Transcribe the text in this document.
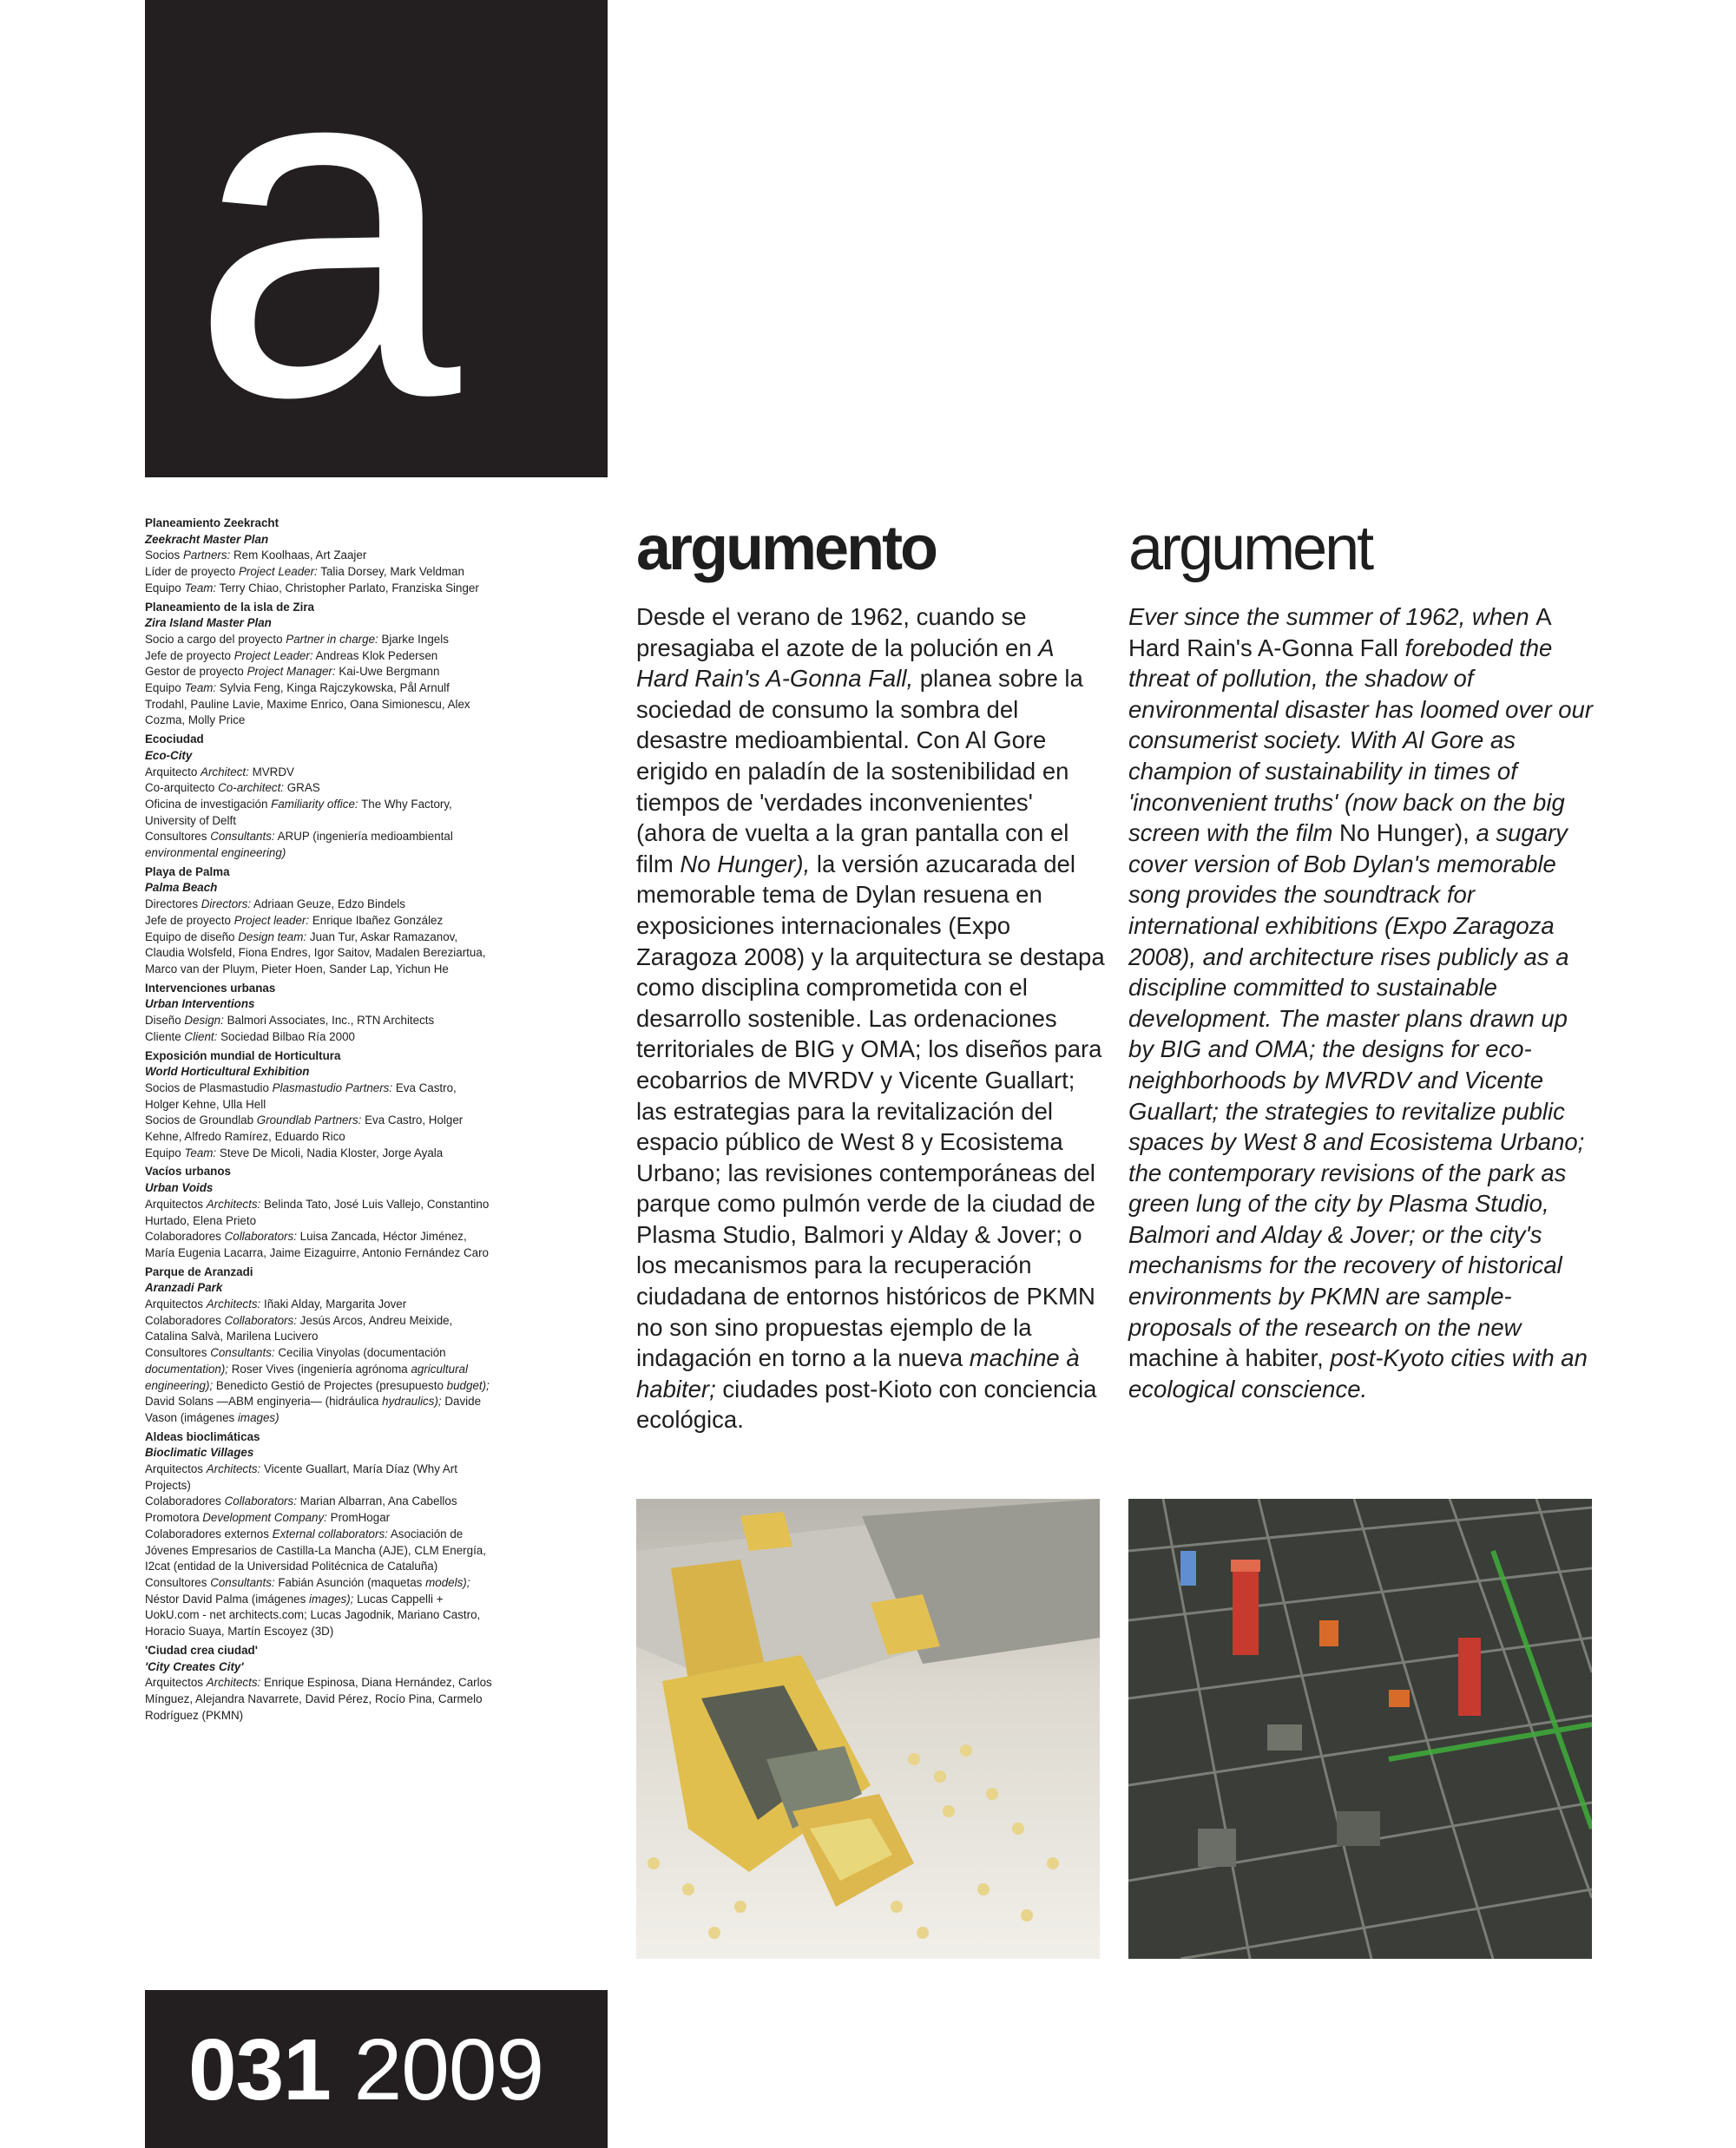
a
Planeamiento Zeekracht
Zeekracht Master Plan
Socios Partners: Rem Koolhaas, Art Zaajer
Líder de proyecto Project Leader: Talia Dorsey, Mark Veldman
Equipo Team: Terry Chiao, Christopher Parlato, Franziska Singer
Planeamiento de la isla de Zira
Zira Island Master Plan
Socio a cargo del proyecto Partner in charge: Bjarke Ingels
Jefe de proyecto Project Leader: Andreas Klok Pedersen
Gestor de proyecto Project Manager: Kai-Uwe Bergmann
Equipo Team: Sylvia Feng, Kinga Rajczykowska, Pål Arnulf Trodahl, Pauline Lavie, Maxime Enrico, Oana Simionescu, Alex Cozma, Molly Price
Ecociudad
Eco-City
Arquitecto Architect: MVRDV
Co-arquitecto Co-architect: GRAS
Oficina de investigación Familiarity office: The Why Factory, University of Delft
Consultores Consultants: ARUP (ingeniería medioambiental environmental engineering)
Playa de Palma
Palma Beach
Directores Directors: Adriaan Geuze, Edzo Bindels
Jefe de proyecto Project leader: Enrique Ibañez González
Equipo de diseño Design team: Juan Tur, Askar Ramazanov, Claudia Wolsfeld, Fiona Endres, Igor Saitov, Madalen Bereziartua, Marco van der Pluym, Pieter Hoen, Sander Lap, Yichun He
Intervenciones urbanas
Urban Interventions
Diseño Design: Balmori Associates, Inc., RTN Architects
Cliente Client: Sociedad Bilbao Ría 2000
Exposición mundial de Horticultura
World Horticultural Exhibition
Socios de Plasmastudio Plasmastudio Partners: Eva Castro, Holger Kehne, Ulla Hell
Socios de Groundlab Groundlab Partners: Eva Castro, Holger Kehne, Alfredo Ramírez, Eduardo Rico
Equipo Team: Steve De Micoli, Nadia Kloster, Jorge Ayala
Vacíos urbanos
Urban Voids
Arquitectos Architects: Belinda Tato, José Luis Vallejo, Constantino Hurtado, Elena Prieto
Colaboradores Collaborators: Luisa Zancada, Héctor Jiménez, María Eugenia Lacarra, Jaime Eizaguirre, Antonio Fernández Caro
Parque de Aranzadi
Aranzadi Park
Arquitectos Architects: Iñaki Alday, Margarita Jover
Colaboradores Collaborators: Jesús Arcos, Andreu Meixide, Catalina Salvà, Marilena Lucivero
Consultores Consultants: Cecilia Vinyolas (documentación documentation); Roser Vives (ingeniería agrónoma agricultural engineering); Benedicto Gestió de Projectes (presupuesto budget); David Solans —ABM enginyeria— (hidráulica hydraulics); Davide Vason (imágenes images)
Aldeas bioclimáticas
Bioclimatic Villages
Arquitectos Architects: Vicente Guallart, María Díaz (Why Art Projects)
Colaboradores Collaborators: Marian Albarran, Ana Cabellos
Promotora Development Company: PromHogar
Colaboradores externos External collaborators: Asociación de Jóvenes Empresarios de Castilla-La Mancha (AJE), CLM Energía, I2cat (entidad de la Universidad Politécnica de Cataluña)
Consultores Consultants: Fabián Asunción (maquetas models); Néstor David Palma (imágenes images); Lucas Cappelli + UokU.com - net architects.com; Lucas Jagodnik, Mariano Castro, Horacio Suaya, Martín Escoyez (3D)
'Ciudad crea ciudad'
'City Creates City'
Arquitectos Architects: Enrique Espinosa, Diana Hernández, Carlos Mínguez, Alejandra Navarrete, David Pérez, Rocío Pina, Carmelo Rodríguez (PKMN)
argumento	argument
Desde el verano de 1962, cuando se presagiaba el azote de la polución en A Hard Rain's A-Gonna Fall, planea sobre la sociedad de consumo la sombra del desastre medioambiental. Con Al Gore erigido en paladín de la sostenibilidad en tiempos de 'verdades inconvenientes' (ahora de vuelta a la gran pantalla con el film No Hunger), la versión azucarada del memorable tema de Dylan resuena en exposiciones internacionales (Expo Zaragoza 2008) y la arquitectura se destapa como disciplina comprometida con el desarrollo sostenible. Las ordenaciones territoriales de BIG y OMA; los diseños para ecobarrios de MVRDV y Vicente Guallart; las estrategias para la revitalización del espacio público de West 8 y Ecosistema Urbano; las revisiones contemporáneas del parque como pulmón verde de la ciudad de Plasma Studio, Balmori y Alday & Jover; o los mecanismos para la recuperación ciudadana de entornos históricos de PKMN no son sino propuestas ejemplo de la indagación en torno a la nueva machine à habiter; ciudades post-Kioto con conciencia ecológica.
Ever since the summer of 1962, when A Hard Rain's A-Gonna Fall foreboded the threat of pollution, the shadow of environmental disaster has loomed over our consumerist society. With Al Gore as champion of sustainability in times of 'inconvenient truths' (now back on the big screen with the film No Hunger), a sugary cover version of Bob Dylan's memorable song provides the soundtrack for international exhibitions (Expo Zaragoza 2008), and architecture rises publicly as a discipline committed to sustainable development. The master plans drawn up by BIG and OMA; the designs for eco-neighborhoods by MVRDV and Vicente Guallart; the strategies to revitalize public spaces by West 8 and Ecosistema Urbano; the contemporary revisions of the park as green lung of the city by Plasma Studio, Balmori and Alday & Jover; or the city's mechanisms for the recovery of historical environments by PKMN are sample-proposals of the research on the new machine à habiter, post-Kyoto cities with an ecological conscience.
031 2009
